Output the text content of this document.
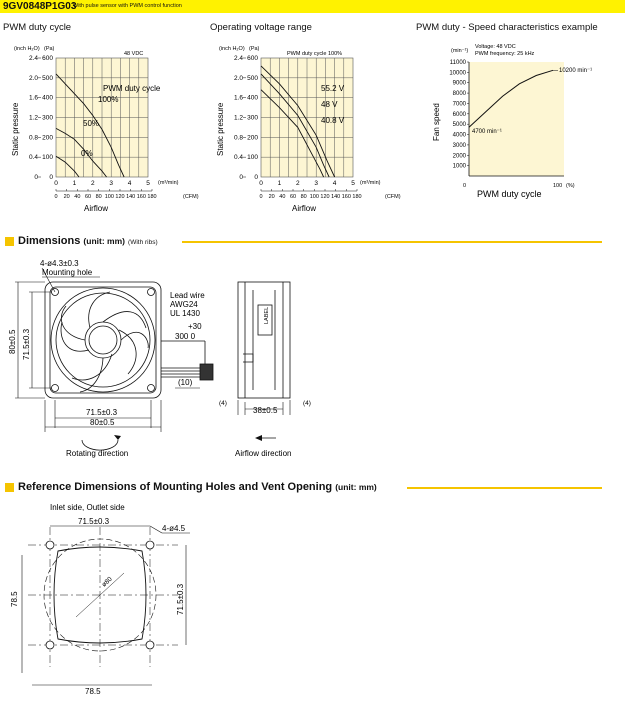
9GV0848P1G03
With pulse sensor with PWM control function
PWM duty cycle	Operating voltage range	PWM duty - Speed characteristics example
(inch H₂O) (Pa)
48 VDC
Static pressure
0
0.4
0.8
1.2
1.6
2.0
2.4
0
100
200
300
400
500
600
0 1 2 3 4 5
0 20 40 60 80 100 120 140 160 180
PWM duty cycle
100%
50%
0%
(m³/min)
(CFM)
Airflow
(inch H₂O) (Pa)
PWM duty cycle 100%
Static pressure
0
0.4
0.8
1.2
1.6
2.0
2.4
0
100
200
300
400
500
600
0 1 2 3 4 5
0 20 40 60 80 100 120 140 160 180
55.2 V
48 V
40.8 V
(m³/min)
(CFM)
Airflow
(min⁻¹)
Voltage: 48 VDC
PWM frequency: 25 kHz
Fan speed
1000
2000
3000
4000
5000
6000
7000
8000
9000
10000
11000
10200 min⁻¹
4700 min⁻¹
0	100 (%)
PWM duty cycle
Dimensions (unit: mm) (With ribs)
Lead wire
AWG24
UL 1430
+30
300 0
(10)
4-ø4.3±0.3
Mounting hole
80±0.5 71.5±0.3
71.5±0.3
80±0.5
Rotating direction
LABEL
(4)
38±0.5
(4)
Airflow direction
Reference Dimensions of Mounting Holes and Vent Opening (unit: mm)
Inlet side, Outlet side
71.5±0.3
4-ø4.5
ø80
78.5	71.5±0.3
78.5
